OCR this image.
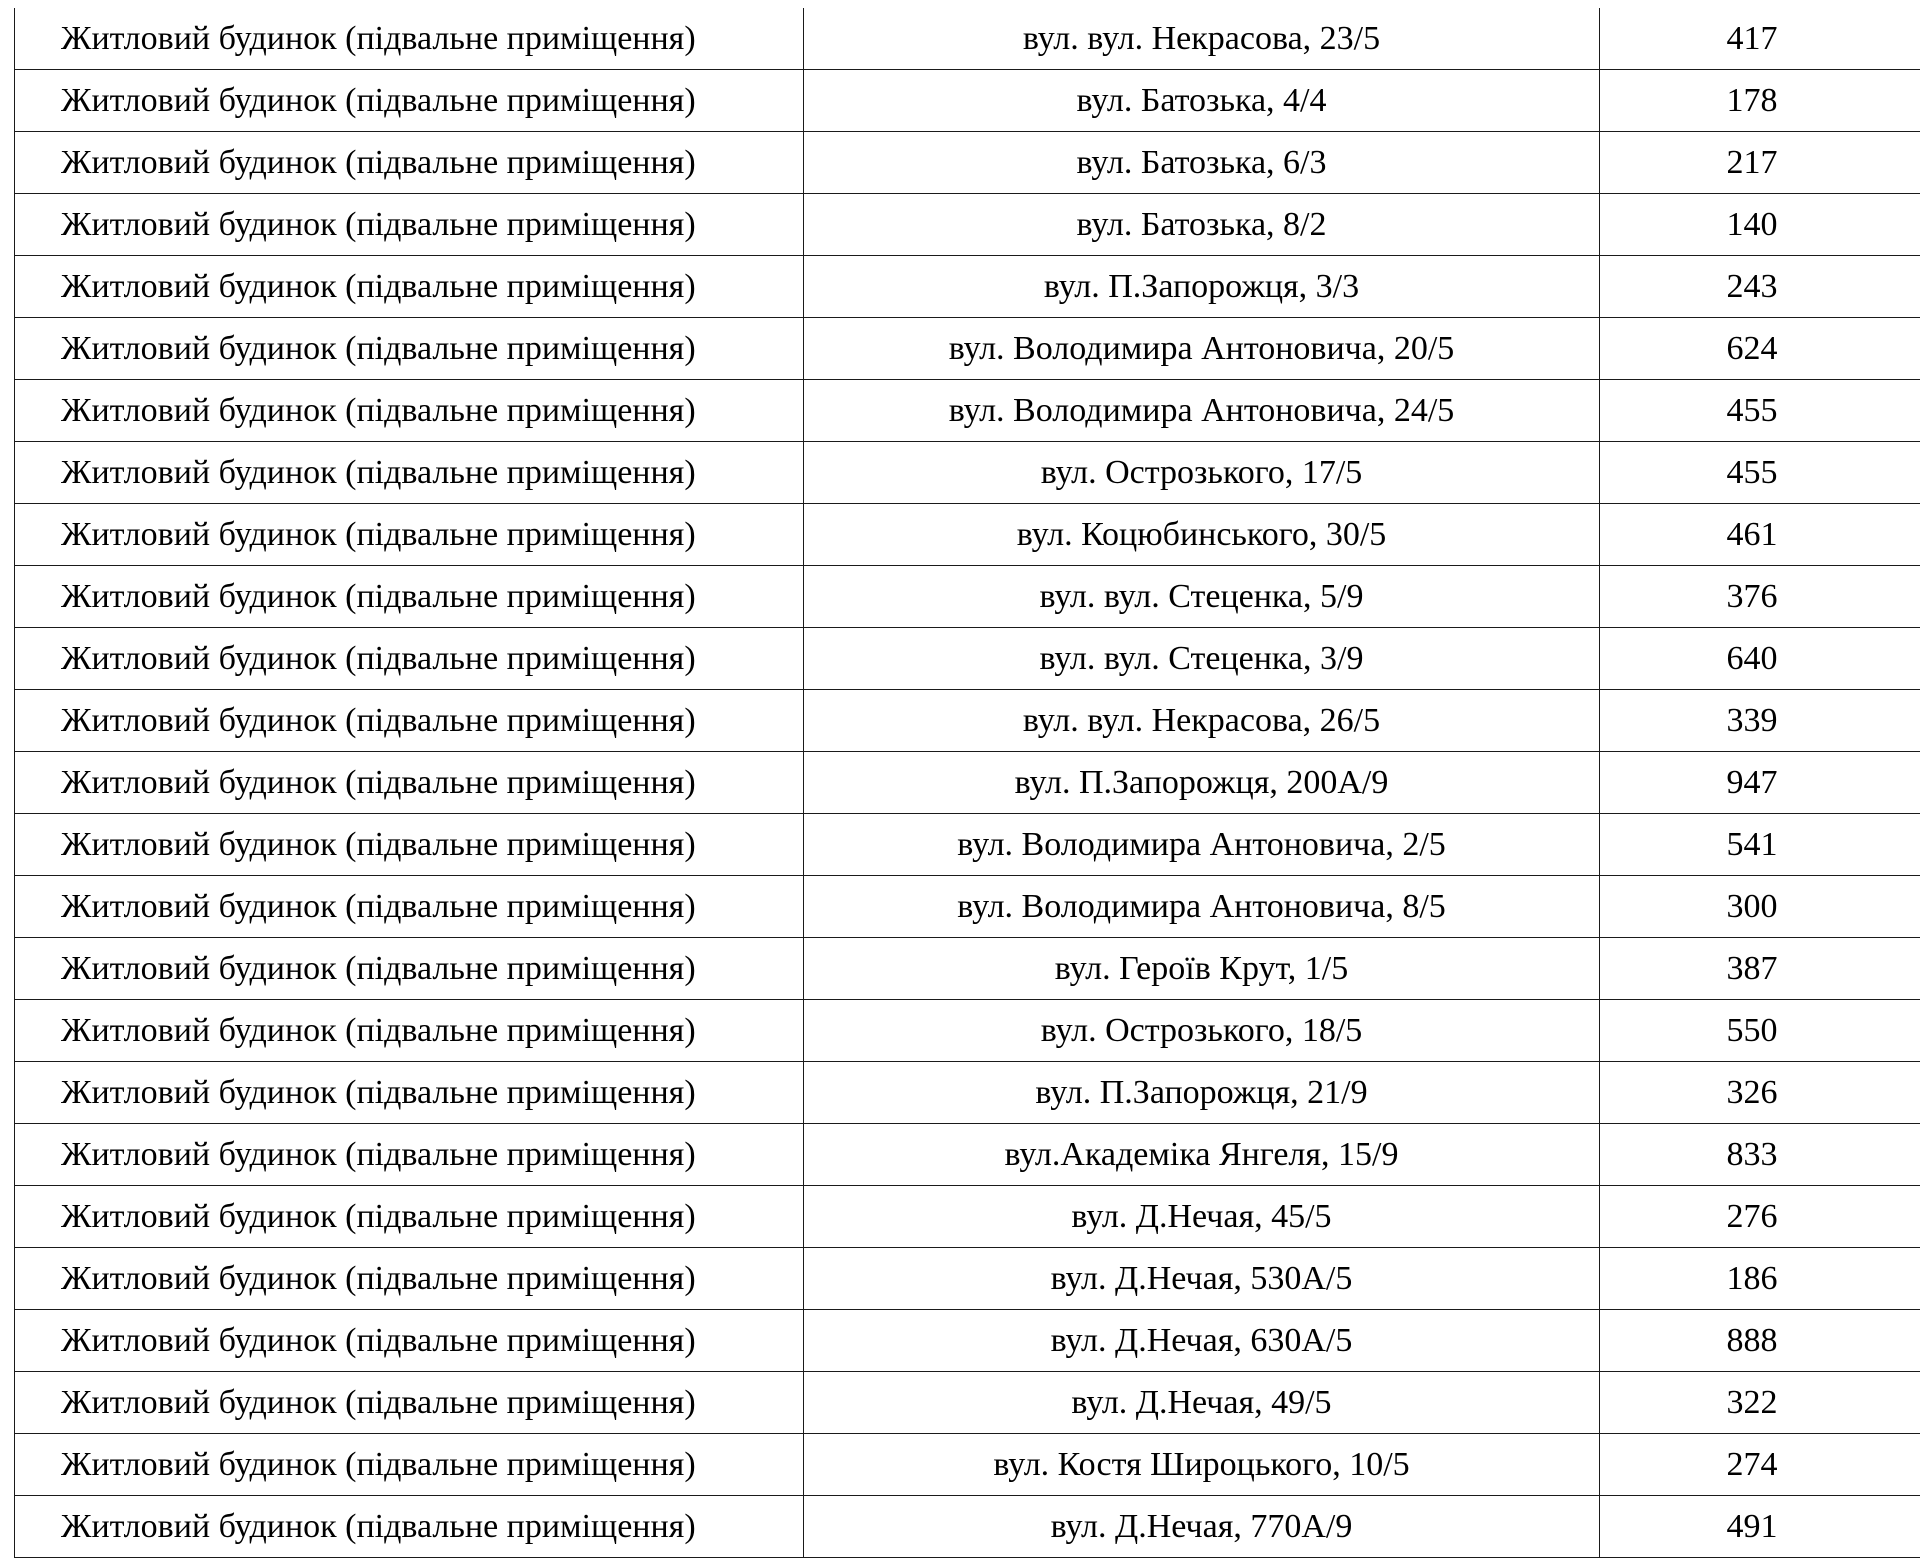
Житловий будинок (підвальне приміщення)	вул. вул. Некрасова, 23/5	417
Житловий будинок (підвальне приміщення)	вул. Батозька, 4/4	178
Житловий будинок (підвальне приміщення)	вул. Батозька, 6/3	217
Житловий будинок (підвальне приміщення)	вул. Батозька, 8/2	140
Житловий будинок (підвальне приміщення)	вул. П.Запорожця, 3/3	243
Житловий будинок (підвальне приміщення)	вул. Володимира Антоновича, 20/5	624
Житловий будинок (підвальне приміщення)	вул. Володимира Антоновича, 24/5	455
Житловий будинок (підвальне приміщення)	вул. Острозького, 17/5	455
Житловий будинок (підвальне приміщення)	вул. Коцюбинського, 30/5	461
Житловий будинок (підвальне приміщення)	вул. вул. Стеценка, 5/9	376
Житловий будинок (підвальне приміщення)	вул. вул. Стеценка, 3/9	640
Житловий будинок (підвальне приміщення)	вул. вул. Некрасова, 26/5	339
Житловий будинок (підвальне приміщення)	вул. П.Запорожця, 200А/9	947
Житловий будинок (підвальне приміщення)	вул. Володимира Антоновича, 2/5	541
Житловий будинок (підвальне приміщення)	вул. Володимира Антоновича, 8/5	300
Житловий будинок (підвальне приміщення)	вул. Героїв Крут, 1/5	387
Житловий будинок (підвальне приміщення)	вул. Острозького, 18/5	550
Житловий будинок (підвальне приміщення)	вул. П.Запорожця, 21/9	326
Житловий будинок (підвальне приміщення)	вул.Академіка Янгеля, 15/9	833
Житловий будинок (підвальне приміщення)	вул. Д.Нечая, 45/5	276
Житловий будинок (підвальне приміщення)	вул. Д.Нечая, 530А/5	186
Житловий будинок (підвальне приміщення)	вул. Д.Нечая, 630А/5	888
Житловий будинок (підвальне приміщення)	вул. Д.Нечая, 49/5	322
Житловий будинок (підвальне приміщення)	вул. Костя Широцького, 10/5	274
Житловий будинок (підвальне приміщення)	вул. Д.Нечая, 770А/9	491
